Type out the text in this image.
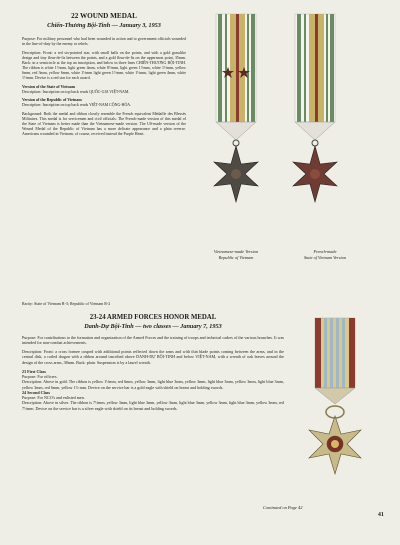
22 WOUND MEDAL
Chiến-Thương Bội-Tinh — January 3, 1953

Purpose: For military personnel who had been wounded in action and to government officials wounded in the line-of-duty by the enemy or rebels.

Description: Front: a red six-pointed star, with small balls on the points, and with a gold grasslike design and tiny fleur-de-lis between the points, and a gold fleur-de-lis on the uppermost point, 35mm. Back: in a semicircle at the top an inscription, and below in three lines CHIẾN-THƯƠNG BỘI-TINH. The ribbon is white 1½mm, light green 4mm, white 8½mm, light green 1½mm, white 1½mm, yellow 6mm, red 3mm, yellow 6mm, white 1½mm light green 1½mm, white 1½mm, light green 4mm, white 1½mm. Device is a red star for each award.

Version of the State of Vietnam

Description: Inscription on top back reads QUỐC-GIA VIỆT-NAM.

Version of the Republic of Vietnam

Description: Inscription on top back reads VIỆT-NAM CỘNG-HÒA.

Background: Both the medal and ribbon closely resemble the French equivalent Médaille des Blessés Militaires. This medal is for servicemen and civil officials. The French-made version of this medal of the State of Vietnam is better made than the Vietnamese-made version. The US-made version of the Wound Medal of the Republic of Vietnam has a more delicate appearance and a plain reverse. Americans wounded in Vietnam, of course, received instead the Purple Heart.

Rarity: State of Vietnam R-3; Republic of Vietnam R-2
Vietnamese-made Version
Republic of Vietnam
French-made
State of Vietnam Version
23-24 ARMED FORCES HONOR MEDAL
Danh-Dự Bội-Tinh — two classes — January 7, 1953

Purpose: For contributions to the formation and organization of the Armed Forces and the training of troops and technical cadres of the various branches. It was intended for non-combat achievements.

Description: Front: a cross formee couped with additional points reflected down the arms and with thin blade points coming between the arms, and in the central disk, a coiled dragon with a ribbon around inscribed above DANH-DỰ BỘI-TINH and below VIỆT-NAM, with a wreath of oak leaves around the design of the cross arms, 38mm. Back: plain. Suspension is by a laurel wreath.

23 First Class
Purpose: For officers.
Description: Above in gold. The ribbon is yellow 1½mm, red 6mm, yellow 3mm, light blue 3mm, yellow 3mm, light blue 3mm, yellow 3mm, light blue 3mm, yellow 3mm, red 6mm, yellow 1½ mm. Device on the service bar is a gold eagle with shield on breast and holding swords.
24 Second Class
Purpose: For NCO's and enlisted men.
Description: Above in silver. The ribbon is 7½mm, yellow 3mm, light blue 3mm, yellow 3mm, light blue 3mm, yellow 3mm, light blue 3mm, yellow 3mm, red 7½mm. Device on the service bar is a silver eagle with shield on its breast and holding swords.
Continued on Page 42
41
